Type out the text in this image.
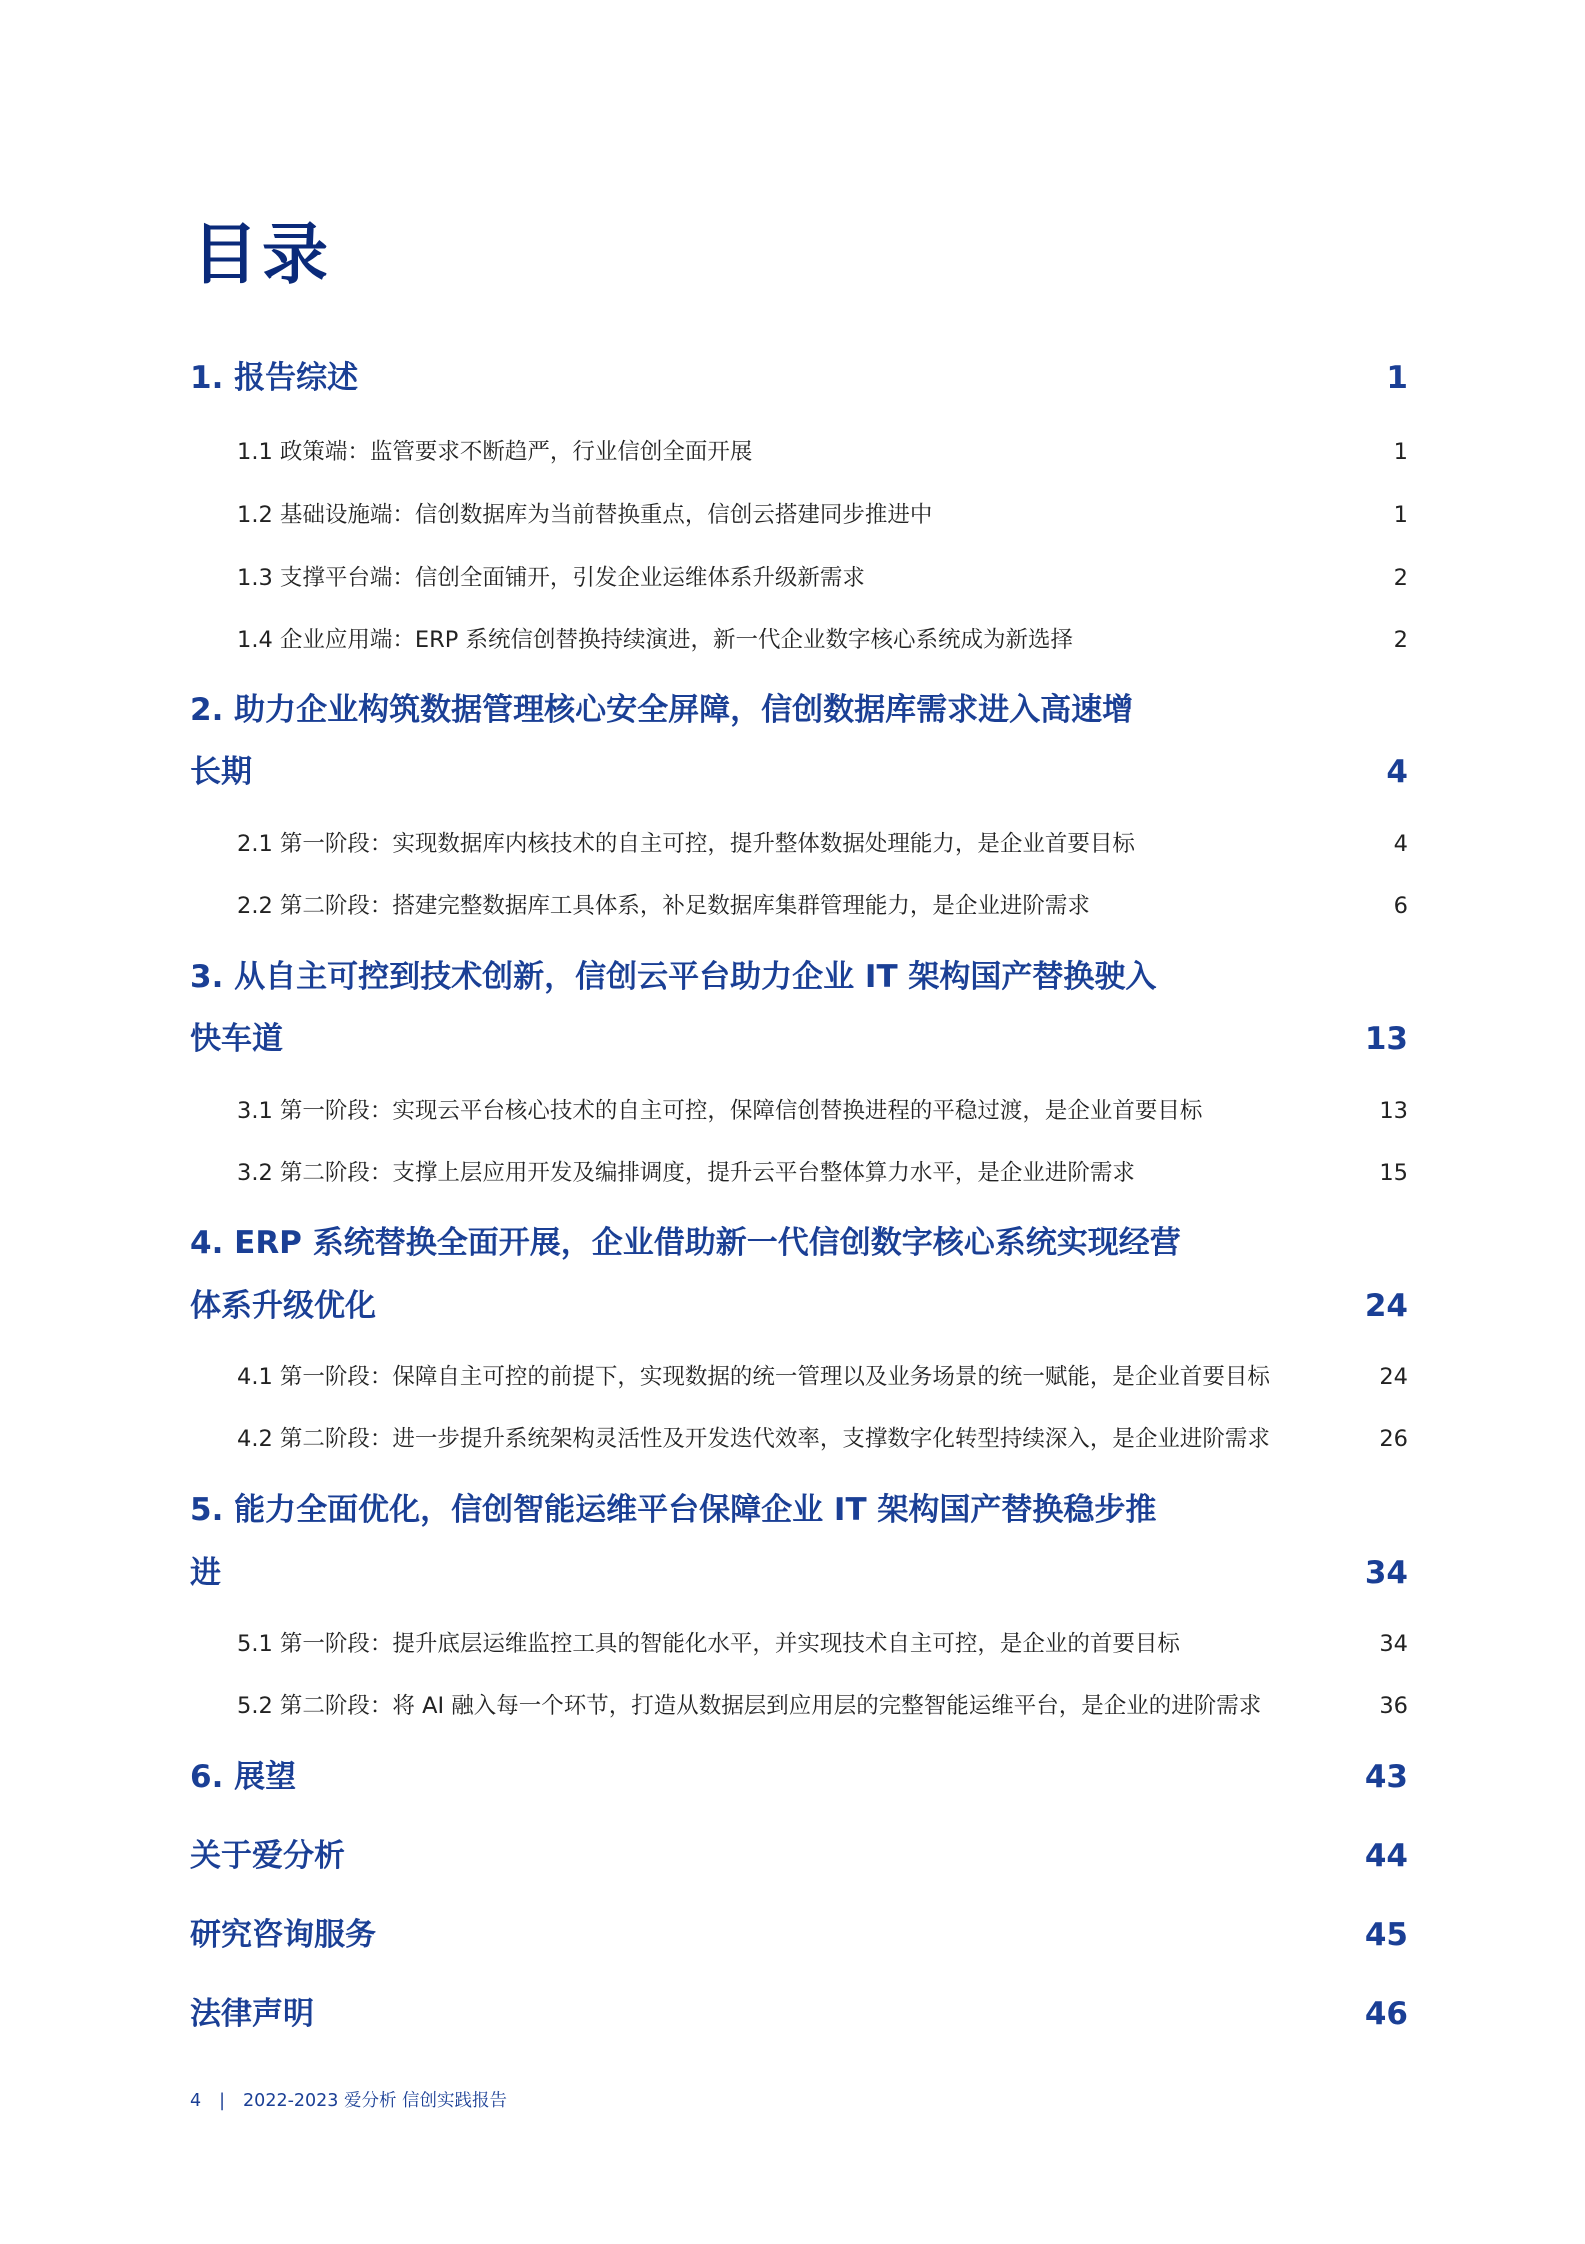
目录
1. 报告综述	1
1.1 政策端：监管要求不断趋严，行业信创全面开展	1
1.2 基础设施端：信创数据库为当前替换重点，信创云搭建同步推进中	1
1.3 支撑平台端：信创全面铺开，引发企业运维体系升级新需求	2
1.4 企业应用端：ERP 系统信创替换持续演进，新一代企业数字核心系统成为新选择	2
2. 助力企业构筑数据管理核心安全屏障，信创数据库需求进入高速增
长期	4
2.1 第一阶段：实现数据库内核技术的自主可控，提升整体数据处理能力，是企业首要目标	4
2.2 第二阶段：搭建完整数据库工具体系，补足数据库集群管理能力，是企业进阶需求	6
3. 从自主可控到技术创新，信创云平台助力企业 IT 架构国产替换驶入
快车道	13
3.1 第一阶段：实现云平台核心技术的自主可控，保障信创替换进程的平稳过渡，是企业首要目标	13
3.2 第二阶段：支撑上层应用开发及编排调度，提升云平台整体算力水平，是企业进阶需求	15
4. ERP 系统替换全面开展，企业借助新一代信创数字核心系统实现经营
体系升级优化	24
4.1 第一阶段：保障自主可控的前提下，实现数据的统一管理以及业务场景的统一赋能，是企业首要目标	24
4.2 第二阶段：进一步提升系统架构灵活性及开发迭代效率，支撑数字化转型持续深入，是企业进阶需求	26
5. 能力全面优化，信创智能运维平台保障企业 IT 架构国产替换稳步推
进	34
5.1 第一阶段：提升底层运维监控工具的智能化水平，并实现技术自主可控，是企业的首要目标	34
5.2 第二阶段：将 AI 融入每一个环节，打造从数据层到应用层的完整智能运维平台，是企业的进阶需求	36
6. 展望	43
关于爱分析	44
研究咨询服务	45
法律声明	46
4 | 2022-2023 爱分析 信创实践报告
